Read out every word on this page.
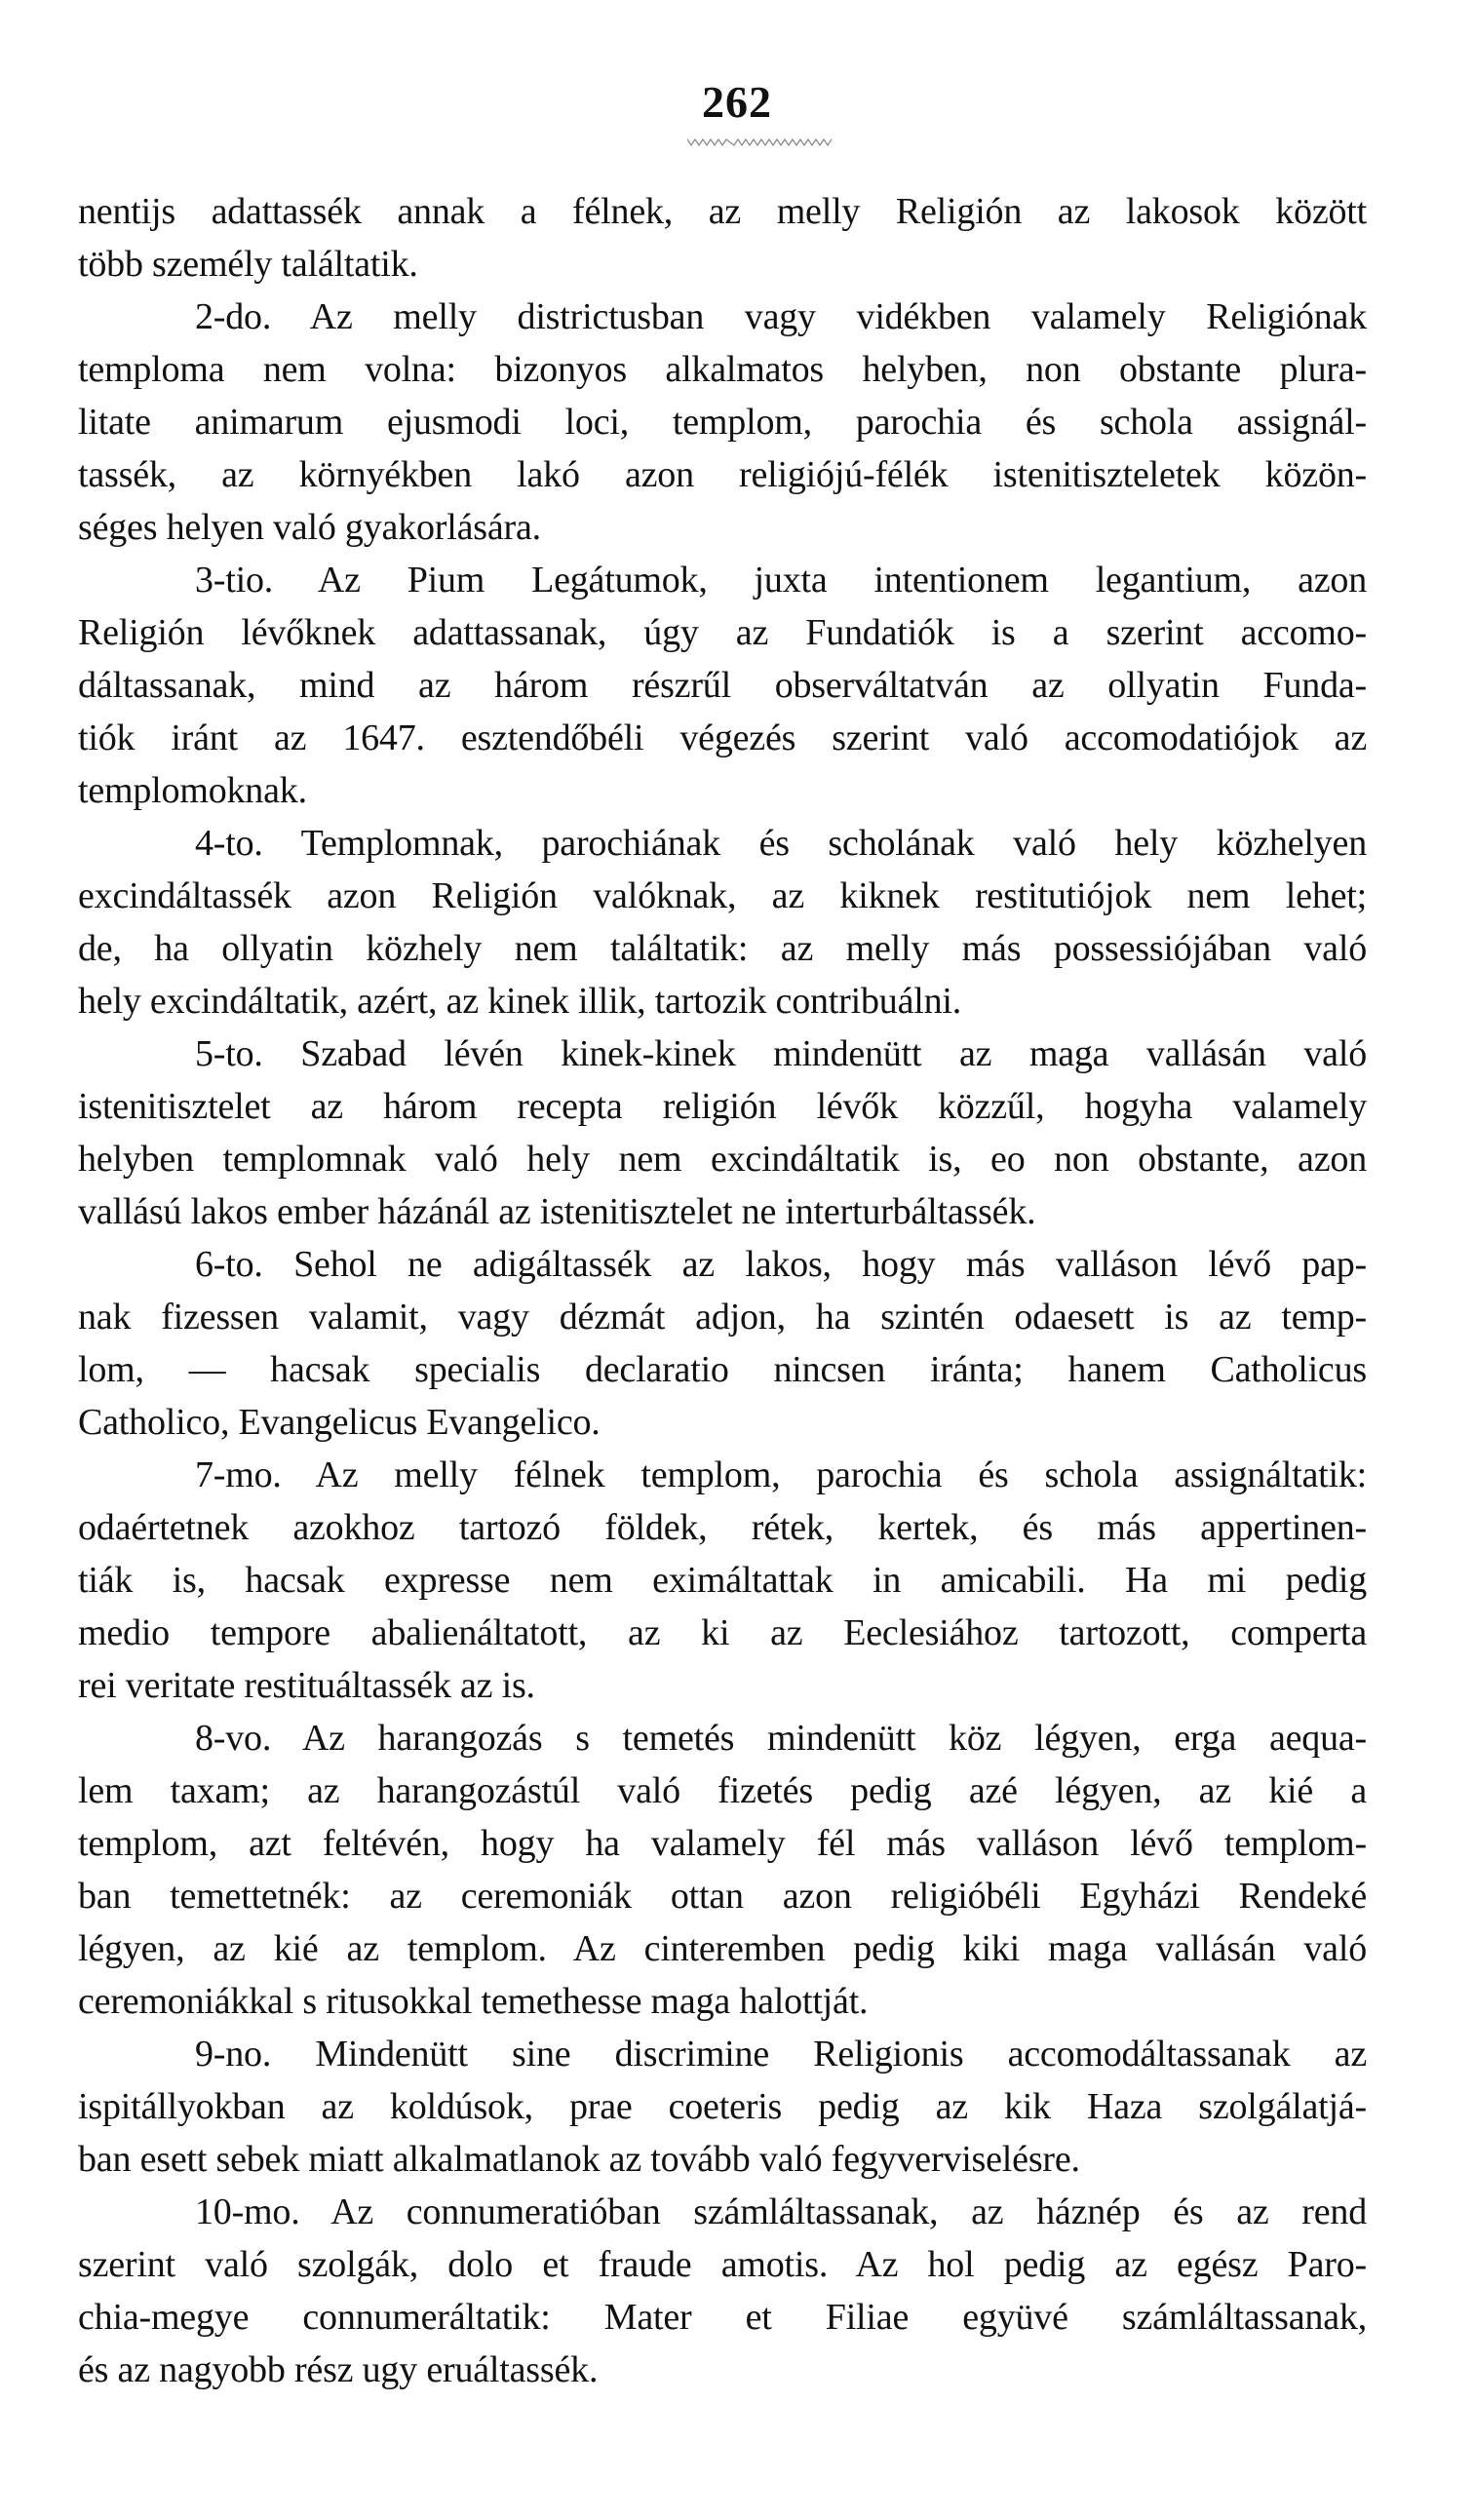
262
nentijs adattassék annak a félnek, az melly Religión az lakosok között
több személy találtatik.
2-do. Az melly districtusban vagy vidékben valamely Religiónak
temploma nem volna: bizonyos alkalmatos helyben, non obstante plura-
litate animarum ejusmodi loci, templom, parochia és schola assignál-
tassék, az környékben lakó azon religiójú-félék istenitiszteletek közön-
séges helyen való gyakorlására.
3-tio. Az Pium Legátumok, juxta intentionem legantium, azon
Religión lévőknek adattassanak, úgy az Fundatiók is a szerint accomo-
dáltassanak, mind az három részrűl observáltatván az ollyatin Funda-
tiók iránt az 1647. esztendőbéli végezés szerint való accomodatiójok az
templomoknak.
4-to. Templomnak, parochiának és scholának való hely közhelyen
excindáltassék azon Religión valóknak, az kiknek restitutiójok nem lehet;
de, ha ollyatin közhely nem találtatik: az melly más possessiójában való
hely excindáltatik, azért, az kinek illik, tartozik contribuálni.
5-to. Szabad lévén kinek-kinek mindenütt az maga vallásán való
istenitisztelet az három recepta religión lévők közzűl, hogyha valamely
helyben templomnak való hely nem excindáltatik is, eo non obstante, azon
vallású lakos ember házánál az istenitisztelet ne interturbáltassék.
6-to. Sehol ne adigáltassék az lakos, hogy más valláson lévő pap-
nak fizessen valamit, vagy dézmát adjon, ha szintén odaesett is az temp-
lom, — hacsak specialis declaratio nincsen iránta; hanem Catholicus
Catholico, Evangelicus Evangelico.
7-mo. Az melly félnek templom, parochia és schola assignáltatik:
odaértetnek azokhoz tartozó földek, rétek, kertek, és más appertinen-
tiák is, hacsak expresse nem eximáltattak in amicabili. Ha mi pedig
medio tempore abalienáltatott, az ki az Eeclesiához tartozott, comperta
rei veritate restituáltassék az is.
8-vo. Az harangozás s temetés mindenütt köz légyen, erga aequa-
lem taxam; az harangozástúl való fizetés pedig azé légyen, az kié a
templom, azt feltévén, hogy ha valamely fél más valláson lévő templom-
ban temettetnék: az ceremoniák ottan azon religióbéli Egyházi Rendeké
légyen, az kié az templom. Az cinteremben pedig kiki maga vallásán való
ceremoniákkal s ritusokkal temethesse maga halottját.
9-no. Mindenütt sine discrimine Religionis accomodáltassanak az
ispitállyokban az koldúsok, prae coeteris pedig az kik Haza szolgálatjá-
ban esett sebek miatt alkalmatlanok az tovább való fegyverviselésre.
10-mo. Az connumeratióban számláltassanak, az háznép és az rend
szerint való szolgák, dolo et fraude amotis. Az hol pedig az egész Paro-
chia-megye connumeráltatik: Mater et Filiae együvé számláltassanak,
és az nagyobb rész ugy eruáltassék.
